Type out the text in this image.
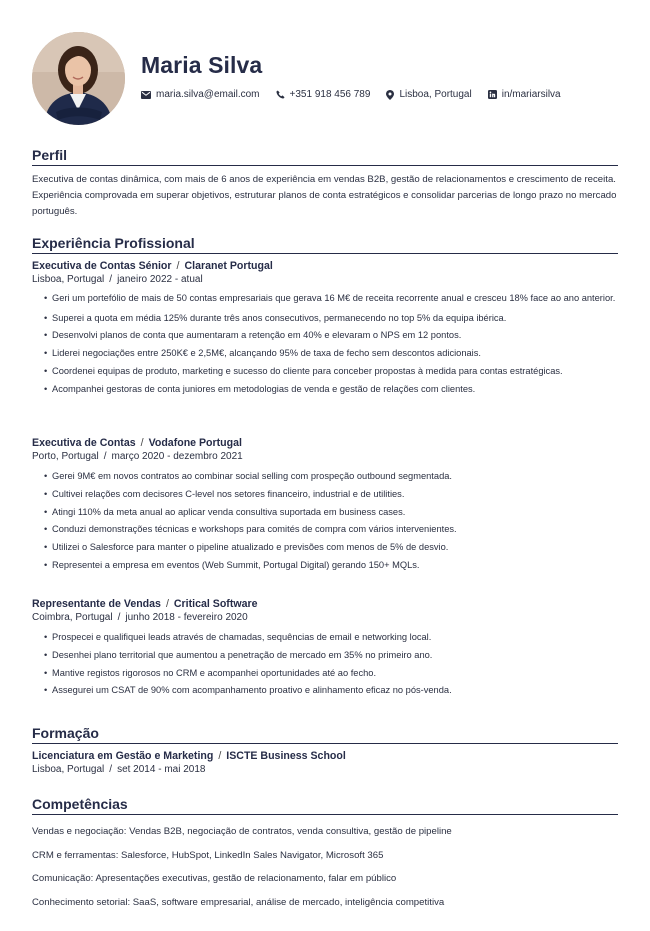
Maria Silva
maria.silva@email.com	+351 918 456 789	Lisboa, Portugal	in/mariarsilva
Perfil
Executiva de contas dinâmica, com mais de 6 anos de experiência em vendas B2B, gestão de relacionamentos e crescimento de receita. Experiência comprovada em superar objetivos, estruturar planos de conta estratégicos e consolidar parcerias de longo prazo no mercado português.
Experiência Profissional
Executiva de Contas Sénior / Claranet Portugal
Lisboa, Portugal / janeiro 2022 - atual
• Geri um portefólio de mais de 50 contas empresariais que gerava 16 M€ de receita recorrente anual e cresceu 18% face ao ano anterior.
• Superei a quota em média 125% durante três anos consecutivos, permanecendo no top 5% da equipa ibérica.
• Desenvolvi planos de conta que aumentaram a retenção em 40% e elevaram o NPS em 12 pontos.
• Liderei negociações entre 250K€ e 2,5M€, alcançando 95% de taxa de fecho sem descontos adicionais.
• Coordenei equipas de produto, marketing e sucesso do cliente para conceber propostas à medida para contas estratégicas.
• Acompanhei gestoras de conta juniores em metodologias de venda e gestão de relações com clientes.
Executiva de Contas / Vodafone Portugal
Porto, Portugal / março 2020 - dezembro 2021
• Gerei 9M€ em novos contratos ao combinar social selling com prospeção outbound segmentada.
• Cultivei relações com decisores C-level nos setores financeiro, industrial e de utilities.
• Atingi 110% da meta anual ao aplicar venda consultiva suportada em business cases.
• Conduzi demonstrações técnicas e workshops para comités de compra com vários intervenientes.
• Utilizei o Salesforce para manter o pipeline atualizado e previsões com menos de 5% de desvio.
• Representei a empresa em eventos (Web Summit, Portugal Digital) gerando 150+ MQLs.
Representante de Vendas / Critical Software
Coimbra, Portugal / junho 2018 - fevereiro 2020
• Prospecei e qualifiquei leads através de chamadas, sequências de email e networking local.
• Desenhei plano territorial que aumentou a penetração de mercado em 35% no primeiro ano.
• Mantive registos rigorosos no CRM e acompanhei oportunidades até ao fecho.
• Assegurei um CSAT de 90% com acompanhamento proativo e alinhamento eficaz no pós-venda.
Formação
Licenciatura em Gestão e Marketing / ISCTE Business School
Lisboa, Portugal / set 2014 - mai 2018
Competências
Vendas e negociação: Vendas B2B, negociação de contratos, venda consultiva, gestão de pipeline
CRM e ferramentas: Salesforce, HubSpot, LinkedIn Sales Navigator, Microsoft 365
Comunicação: Apresentações executivas, gestão de relacionamento, falar em público
Conhecimento setorial: SaaS, software empresarial, análise de mercado, inteligência competitiva
